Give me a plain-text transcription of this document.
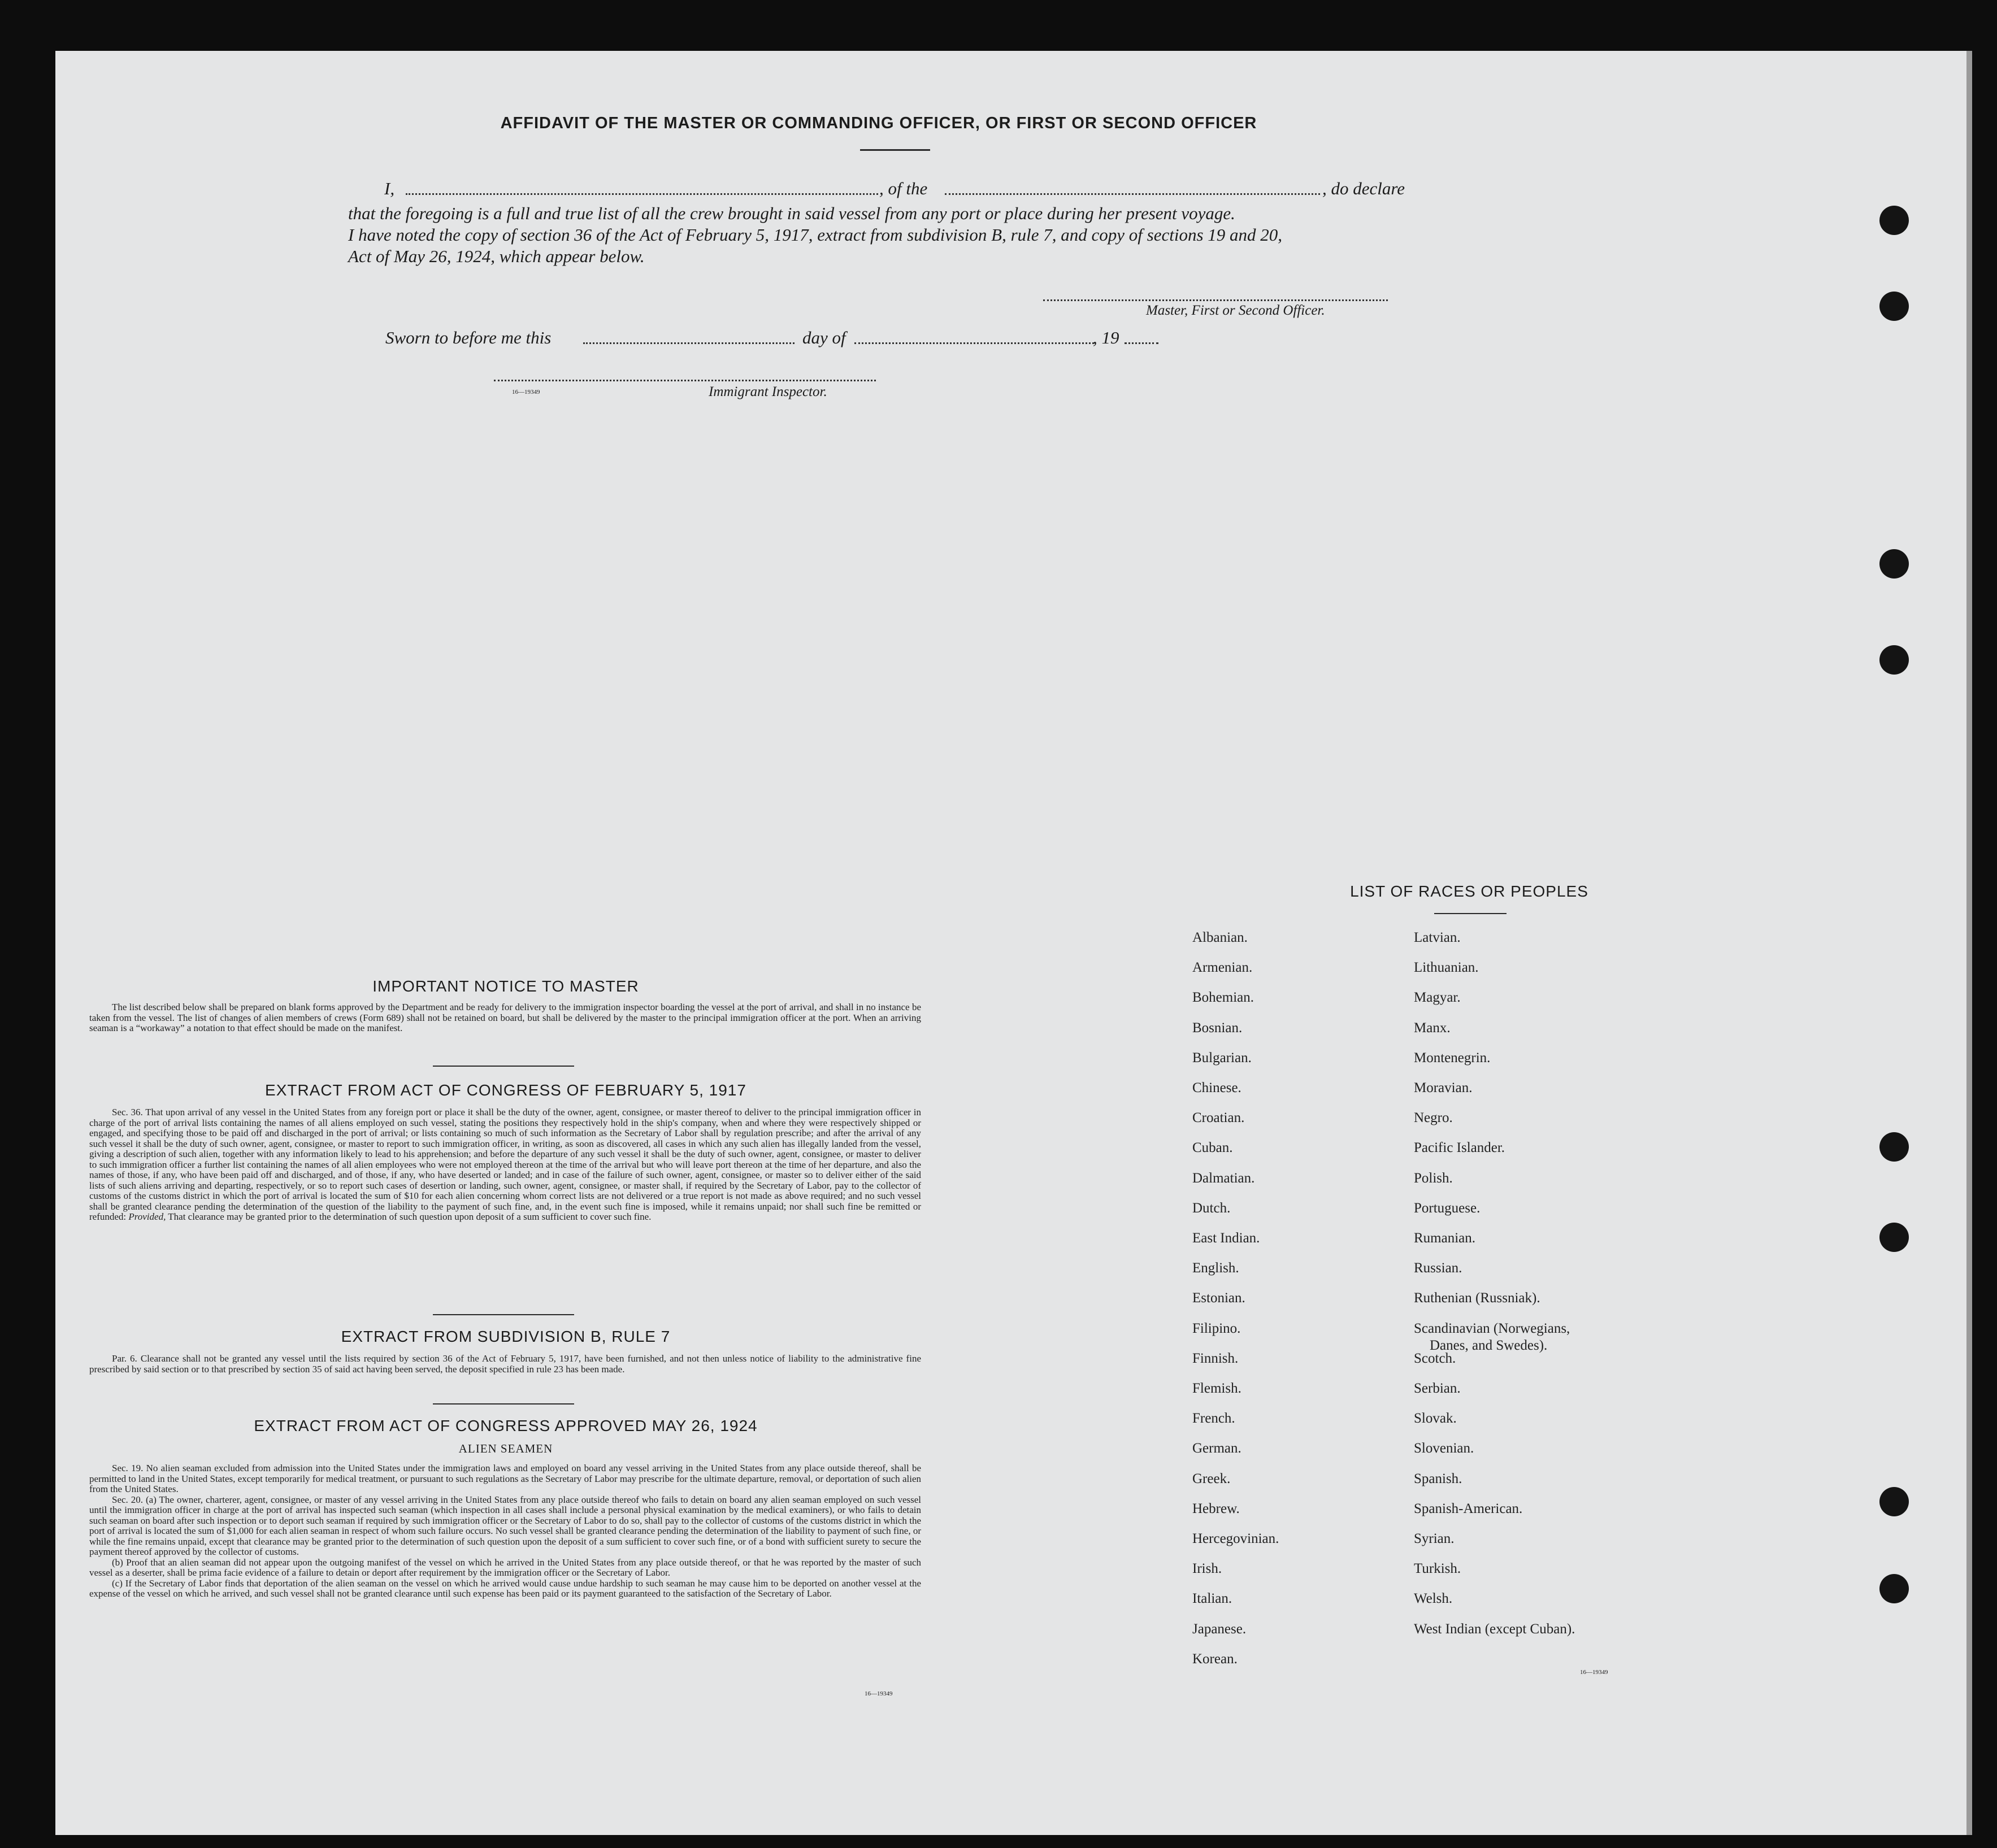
AFFIDAVIT OF THE MASTER OR COMMANDING OFFICER, OR FIRST OR SECOND OFFICER
I,	, of the	, do declare
that the foregoing is a full and true list of all the crew brought in said vessel from any port or place during her present voyage.
I have noted the copy of section 36 of the Act of February 5, 1917, extract from subdivision B, rule 7, and copy of sections 19 and 20,
Act of May 26, 1924, which appear below.
Master, First or Second Officer.
Sworn to before me this	day of	, 19
16—19349	Immigrant Inspector.
IMPORTANT NOTICE TO MASTER

The list described below shall be prepared on blank forms approved by the Department and be ready for delivery to the immigration inspector boarding the vessel at the port of arrival, and shall in no instance be taken from the vessel. The list of changes of alien members of crews (Form 689) shall not be retained on board, but shall be delivered by the master to the principal immigration officer at the port. When an arriving seaman is a “workaway” a notation to that effect should be made on the manifest.

EXTRACT FROM ACT OF CONGRESS OF FEBRUARY 5, 1917

Sec. 36. That upon arrival of any vessel in the United States from any foreign port or place it shall be the duty of the owner, agent, consignee, or master thereof to deliver to the principal immigration officer in charge of the port of arrival lists containing the names of all aliens employed on such vessel, stating the positions they respectively hold in the ship's company, when and where they were respectively shipped or engaged, and specifying those to be paid off and discharged in the port of arrival; or lists containing so much of such information as the Secretary of Labor shall by regulation prescribe; and after the arrival of any such vessel it shall be the duty of such owner, agent, consignee, or master to report to such immigration officer, in writing, as soon as discovered, all cases in which any such alien has illegally landed from the vessel, giving a description of such alien, together with any information likely to lead to his apprehension; and before the departure of any such vessel it shall be the duty of such owner, agent, consignee, or master to deliver to such immigration officer a further list containing the names of all alien employees who were not employed thereon at the time of the arrival but who will leave port thereon at the time of her departure, and also the names of those, if any, who have been paid off and discharged, and of those, if any, who have deserted or landed; and in case of the failure of such owner, agent, consignee, or master so to deliver either of the said lists of such aliens arriving and departing, respectively, or so to report such cases of desertion or landing, such owner, agent, consignee, or master shall, if required by the Secretary of Labor, pay to the collector of customs of the customs district in which the port of arrival is located the sum of $10 for each alien concerning whom correct lists are not delivered or a true report is not made as above required; and no such vessel shall be granted clearance pending the determination of the question of the liability to the payment of such fine, and, in the event such fine is imposed, while it remains unpaid; nor shall such fine be remitted or refunded: Provided, That clearance may be granted prior to the determination of such question upon deposit of a sum sufficient to cover such fine.

EXTRACT FROM SUBDIVISION B, RULE 7

Par. 6. Clearance shall not be granted any vessel until the lists required by section 36 of the Act of February 5, 1917, have been furnished, and not then unless notice of liability to the administrative fine prescribed by said section or to that prescribed by section 35 of said act having been served, the deposit specified in rule 23 has been made.

EXTRACT FROM ACT OF CONGRESS APPROVED MAY 26, 1924
ALIEN SEAMEN

Sec. 19. No alien seaman excluded from admission into the United States under the immigration laws and employed on board any vessel arriving in the United States from any place outside thereof, shall be permitted to land in the United States, except temporarily for medical treatment, or pursuant to such regulations as the Secretary of Labor may prescribe for the ultimate departure, removal, or deportation of such alien from the United States.

Sec. 20. (a) The owner, charterer, agent, consignee, or master of any vessel arriving in the United States from any place outside thereof who fails to detain on board any alien seaman employed on such vessel until the immigration officer in charge at the port of arrival has inspected such seaman (which inspection in all cases shall include a personal physical examination by the medical examiners), or who fails to detain such seaman on board after such inspection or to deport such seaman if required by such immigration officer or the Secretary of Labor to do so, shall pay to the collector of customs of the customs district in which the port of arrival is located the sum of $1,000 for each alien seaman in respect of whom such failure occurs. No such vessel shall be granted clearance pending the determination of the liability to payment of such fine, or while the fine remains unpaid, except that clearance may be granted prior to the determination of such question upon the deposit of a sum sufficient to cover such fine, or of a bond with sufficient surety to secure the payment thereof approved by the collector of customs.

(b) Proof that an alien seaman did not appear upon the outgoing manifest of the vessel on which he arrived in the United States from any place outside thereof, or that he was reported by the master of such vessel as a deserter, shall be prima facie evidence of a failure to detain or deport after requirement by the immigration officer or the Secretary of Labor.

(c) If the Secretary of Labor finds that deportation of the alien seaman on the vessel on which he arrived would cause undue hardship to such seaman he may cause him to be deported on another vessel at the expense of the vessel on which he arrived, and such vessel shall not be granted clearance until such expense has been paid or its payment guaranteed to the satisfaction of the Secretary of Labor.

16—19349
LIST OF RACES OR PEOPLES
Albanian.
Armenian.
Bohemian.
Bosnian.
Bulgarian.
Chinese.
Croatian.
Cuban.
Dalmatian.
Dutch.
East Indian.
English.
Estonian.
Filipino.
Finnish.
Flemish.
French.
German.
Greek.
Hebrew.
Hercegovinian.
Irish.
Italian.
Japanese.
Korean.
Latvian.
Lithuanian.
Magyar.
Manx.
Montenegrin.
Moravian.
Negro.
Pacific Islander.
Polish.
Portuguese.
Rumanian.
Russian.
Ruthenian (Russniak).
Scandinavian (Norwegians,
Danes, and Swedes).
Scotch.
Serbian.
Slovak.
Slovenian.
Spanish.
Spanish-American.
Syrian.
Turkish.
Welsh.
West Indian (except Cuban).
16—19349
